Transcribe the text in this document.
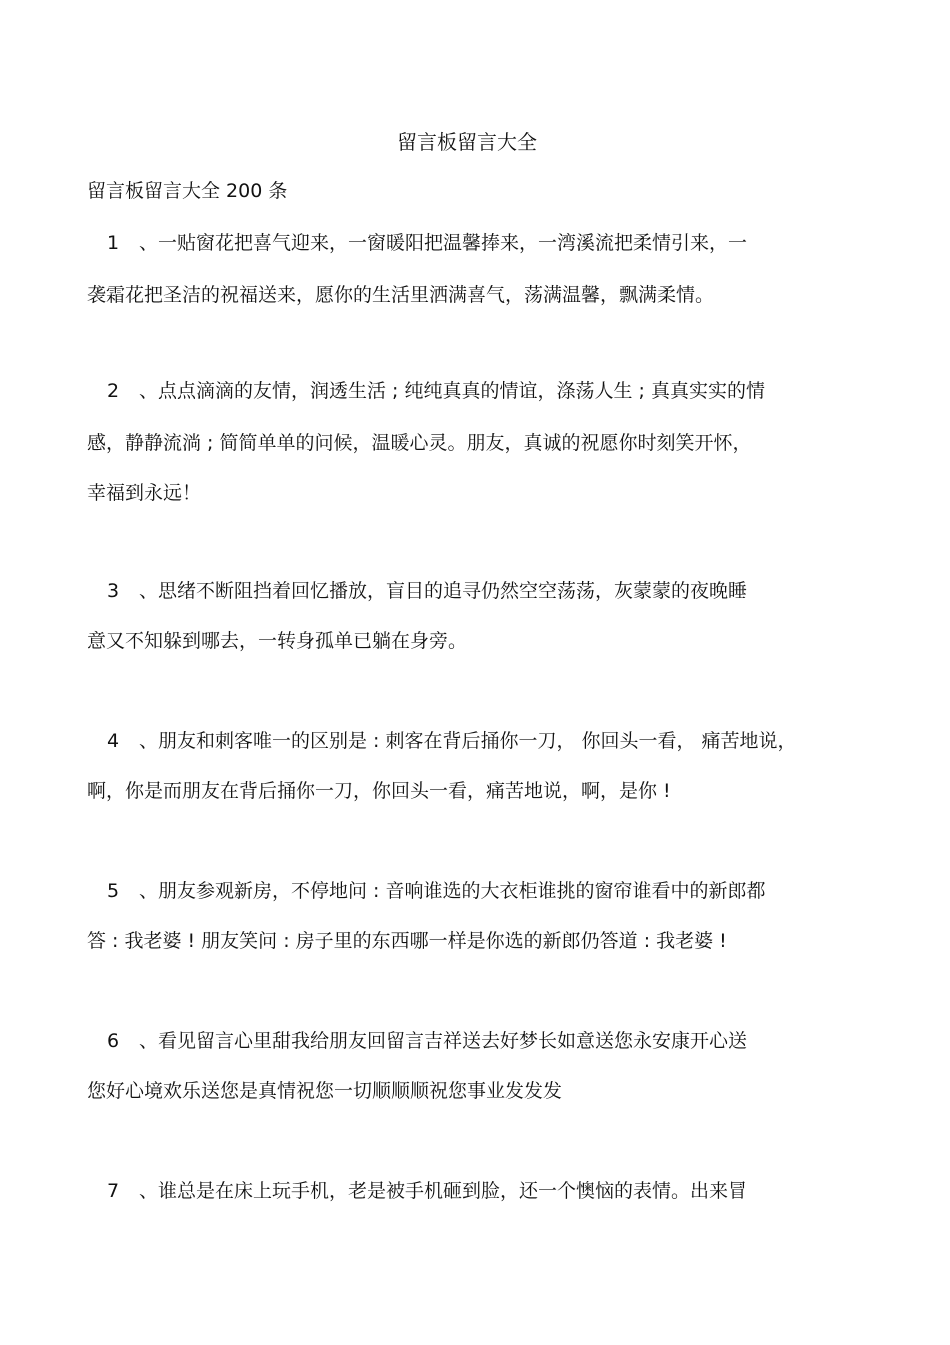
留言板留言大全
留言板留言大全 200 条
1 、一贴窗花把喜气迎来，一窗暖阳把温馨捧来，一湾溪流把柔情引来，一
袭霜花把圣洁的祝福送来，愿你的生活里洒满喜气，荡满温馨，飘满柔情。
2 、点点滴滴的友情，润透生活 ; 纯纯真真的情谊，涤荡人生 ; 真真实实的情
感，静静流淌 ; 简简单单的问候，温暖心灵。朋友，真诚的祝愿你时刻笑开怀，
幸福到永远！
3 、思绪不断阻挡着回忆播放，盲目的追寻仍然空空荡荡，灰蒙蒙的夜晚睡
意又不知躲到哪去，一转身孤单已躺在身旁。
4 、朋友和刺客唯一的区别是 : 刺客在背后捅你一刀， 你回头一看， 痛苦地说，
啊，你是而朋友在背后捅你一刀，你回头一看，痛苦地说，啊，是你 !
5 、朋友参观新房，不停地问 : 音响谁选的大衣柜谁挑的窗帘谁看中的新郎都
答 : 我老婆 ! 朋友笑问 : 房子里的东西哪一样是你选的新郎仍答道 : 我老婆 !
6 、看见留言心里甜我给朋友回留言吉祥送去好梦长如意送您永安康开心送
您好心境欢乐送您是真情祝您一切顺顺顺祝您事业发发发
7 、谁总是在床上玩手机，老是被手机砸到脸，还一个懊恼的表情。出来冒
